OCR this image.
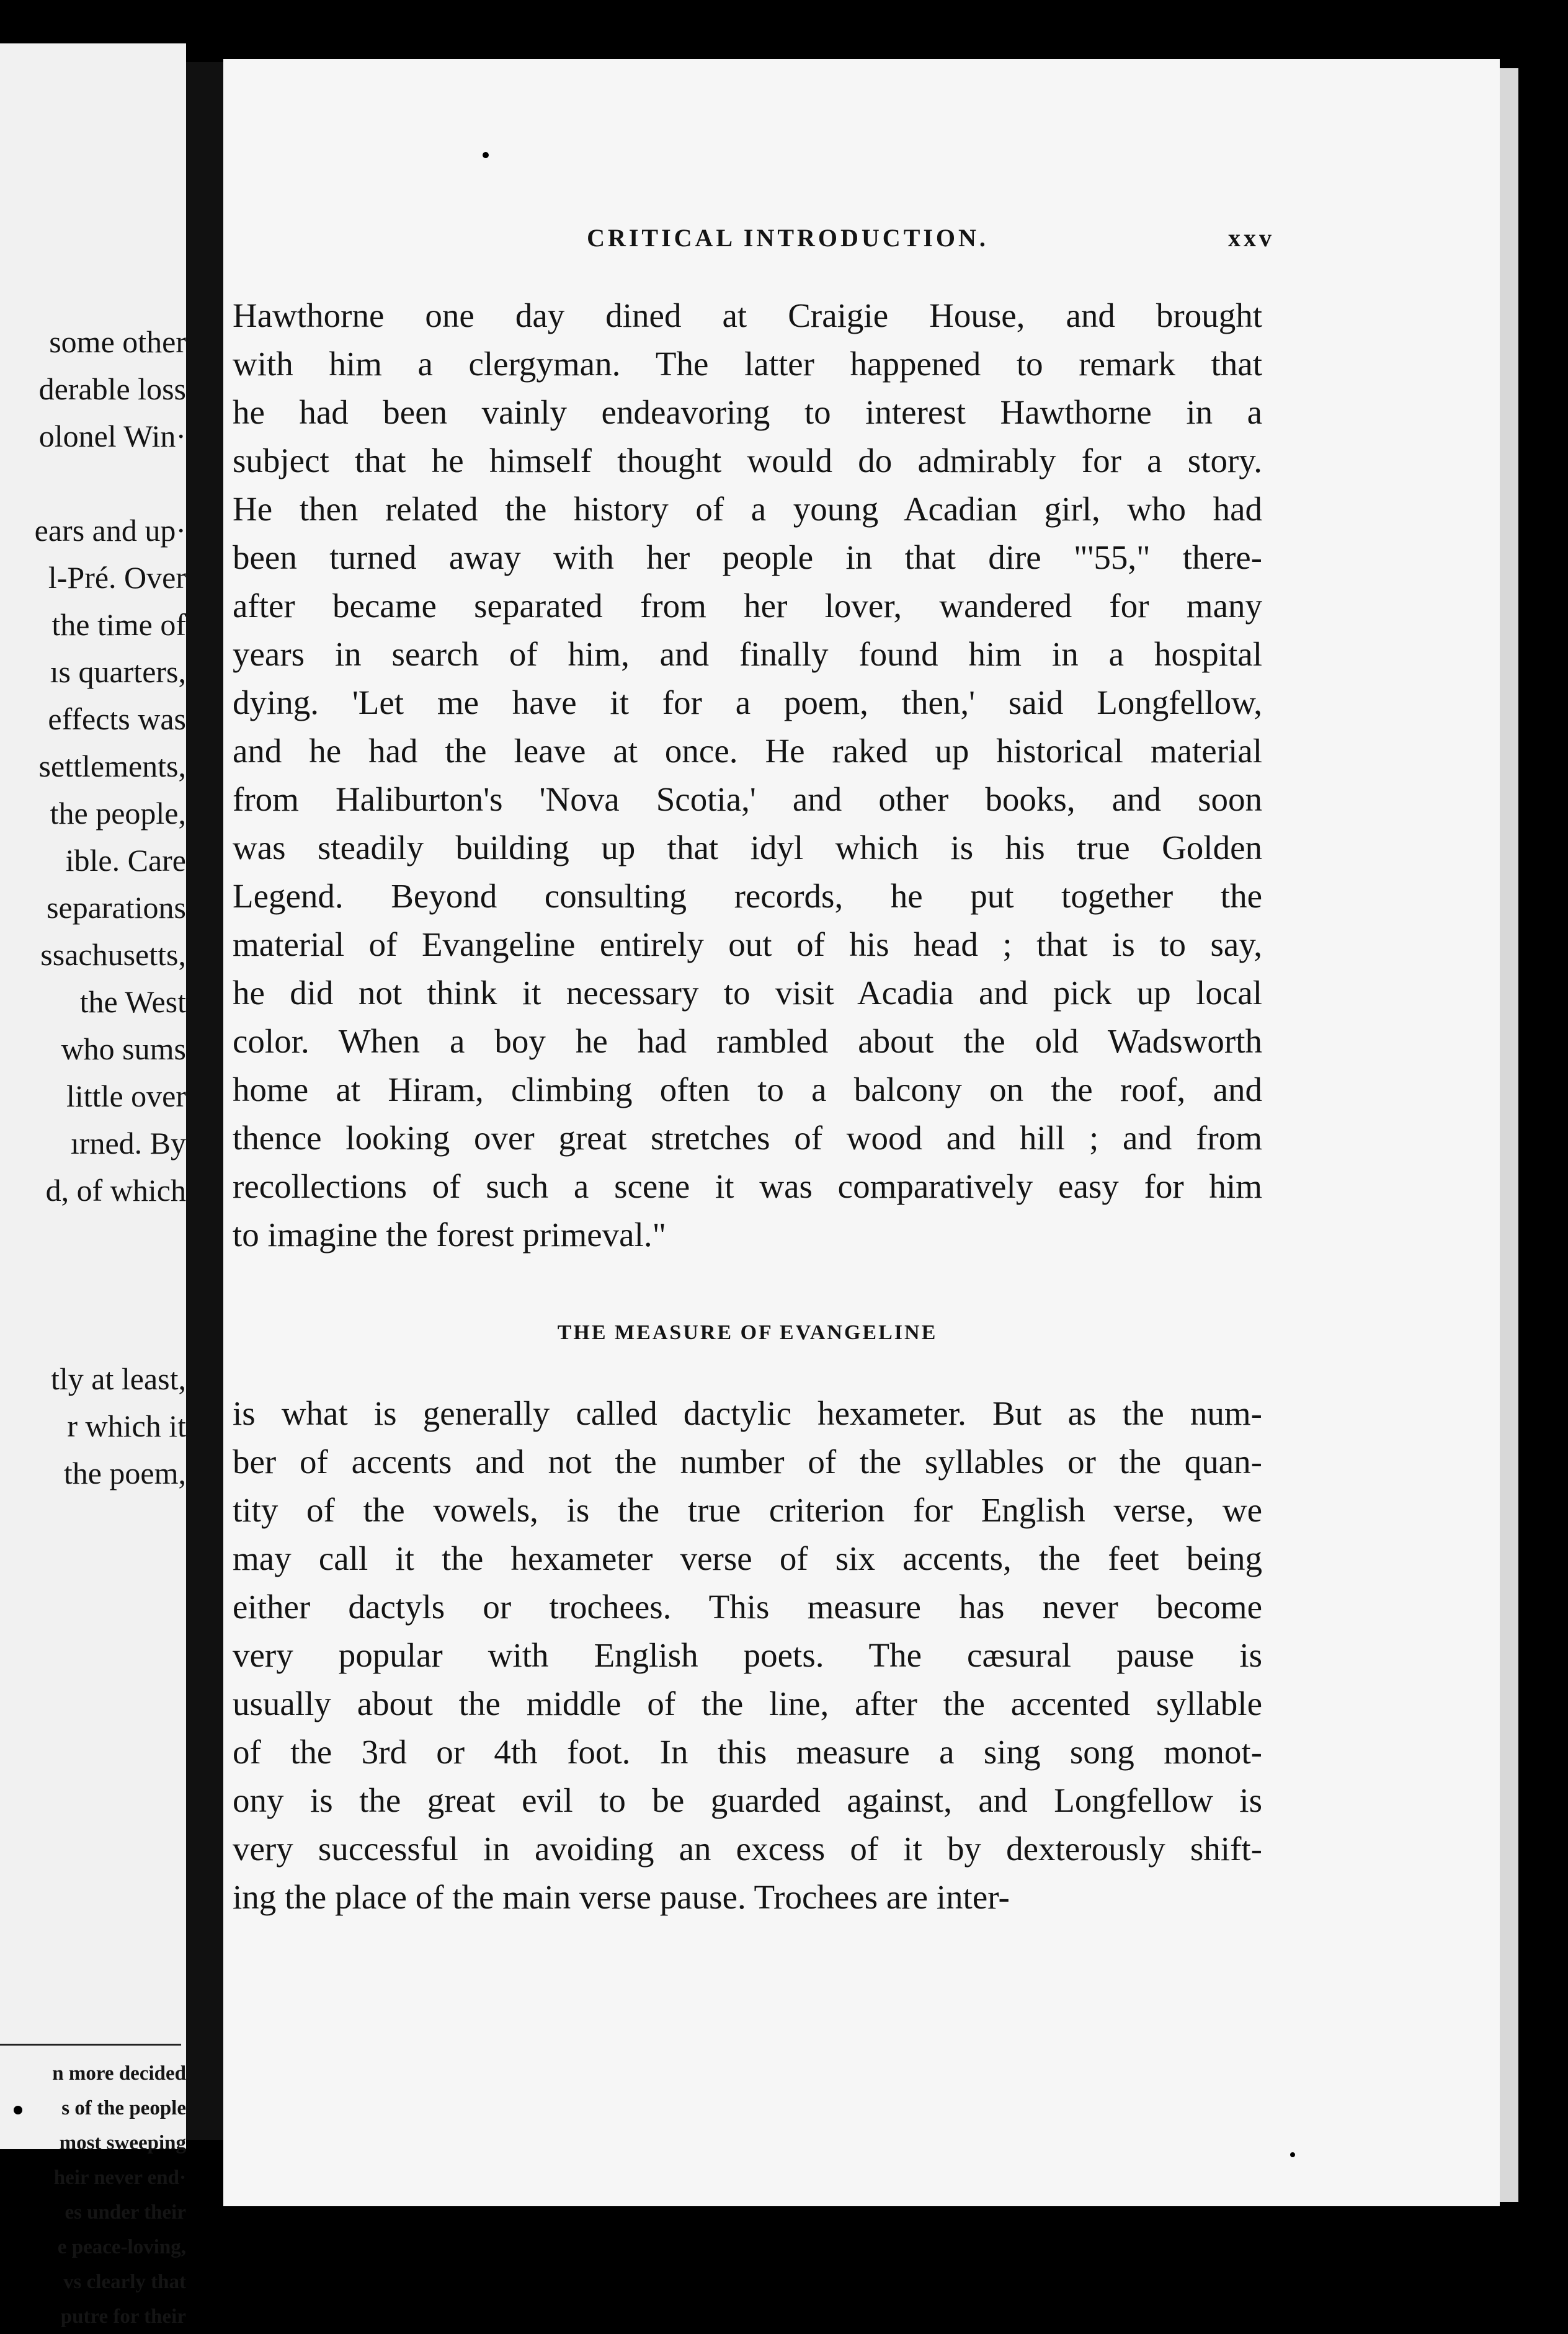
some other

derable loss

olonel Win·

ears and up·

l-Pré. Over

the time of

ıs quarters,

effects was

settlements,

the people,

ible. Care

separations

ssachusetts,

the West

who sums

little over

ırned. By

d, of which

tly at least,

r which it

the poem,

n more decided

s of the people

most sweeping

heir never end·

es under their

e peace-loving,

vs clearly that

putre for their

CRITICAL INTRODUCTION.	xxv
Hawthorne one day dined at Craigie House, and brought
with him a clergyman. The latter happened to remark that
he had been vainly endeavoring to interest Hawthorne in a
subject that he himself thought would do admirably for a story.
He then related the history of a young Acadian girl, who had
been turned away with her people in that dire "'55," there-
after became separated from her lover, wandered for many
years in search of him, and finally found him in a hospital
dying. 'Let me have it for a poem, then,' said Longfellow,
and he had the leave at once. He raked up historical material
from Haliburton's 'Nova Scotia,' and other books, and soon
was steadily building up that idyl which is his true Golden
Legend. Beyond consulting records, he put together the
material of Evangeline entirely out of his head ; that is to say,
he did not think it necessary to visit Acadia and pick up local
color. When a boy he had rambled about the old Wadsworth
home at Hiram, climbing often to a balcony on the roof, and
thence looking over great stretches of wood and hill ; and from
recollections of such a scene it was comparatively easy for him
to imagine the forest primeval."

THE MEASURE OF EVANGELINE

is what is generally called dactylic hexameter. But as the num-
ber of accents and not the number of the syllables or the quan-
tity of the vowels, is the true criterion for English verse, we
may call it the hexameter verse of six accents, the feet being
either dactyls or trochees. This measure has never become
very popular with English poets. The cæsural pause is
usually about the middle of the line, after the accented syllable
of the 3rd or 4th foot. In this measure a sing song monot-
ony is the great evil to be guarded against, and Longfellow is
very successful in avoiding an excess of it by dexterously shift-
ing the place of the main verse pause. Trochees are inter-
